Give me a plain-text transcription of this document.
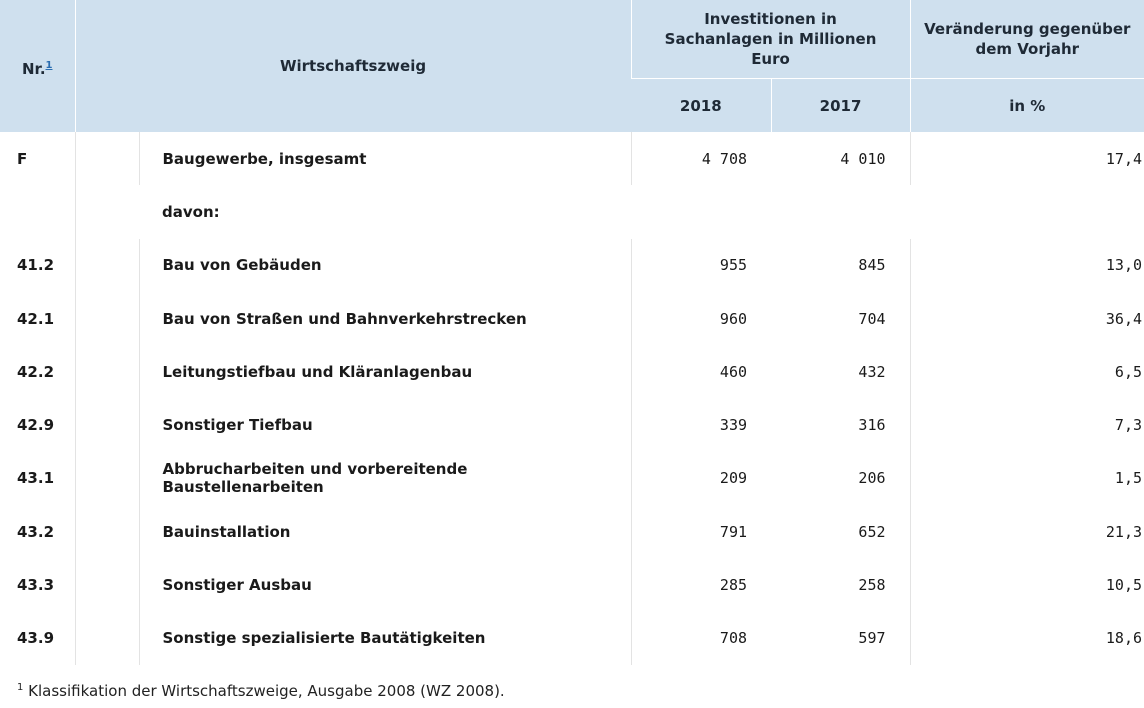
Nr.$^1$	Wirtschaftszweig		Investitionen in Sachanlagen in Millionen Euro		Veränderung gegenüber dem Vorjahr

			2018	2017	in %
F		Baugewerbe, insgesamt	4 708	4 010	17,4
		davon:			
41.2		Bau von Gebäuden	955	845	13,0
42.1		Bau von Straßen und Bahnverkehrstrecken	960	704	36,4
42.2		Leitungstiefbau und Kläranlagenbau	460	432	6,5
42.9		Sonstiger Tiefbau	339	316	7,3
43.1		Abbrucharbeiten und vorbereitende Baustellenarbeiten	209	206	1,5
43.2		Bauinstallation	791	652	21,3
43.3		Sonstiger Ausbau	285	258	10,5
43.9		Sonstige spezialisierte Bautätigkeiten	708	597	18,6
$^1$ Klassifikation der Wirtschaftszweige, Ausgabe 2008 (WZ 2008).
